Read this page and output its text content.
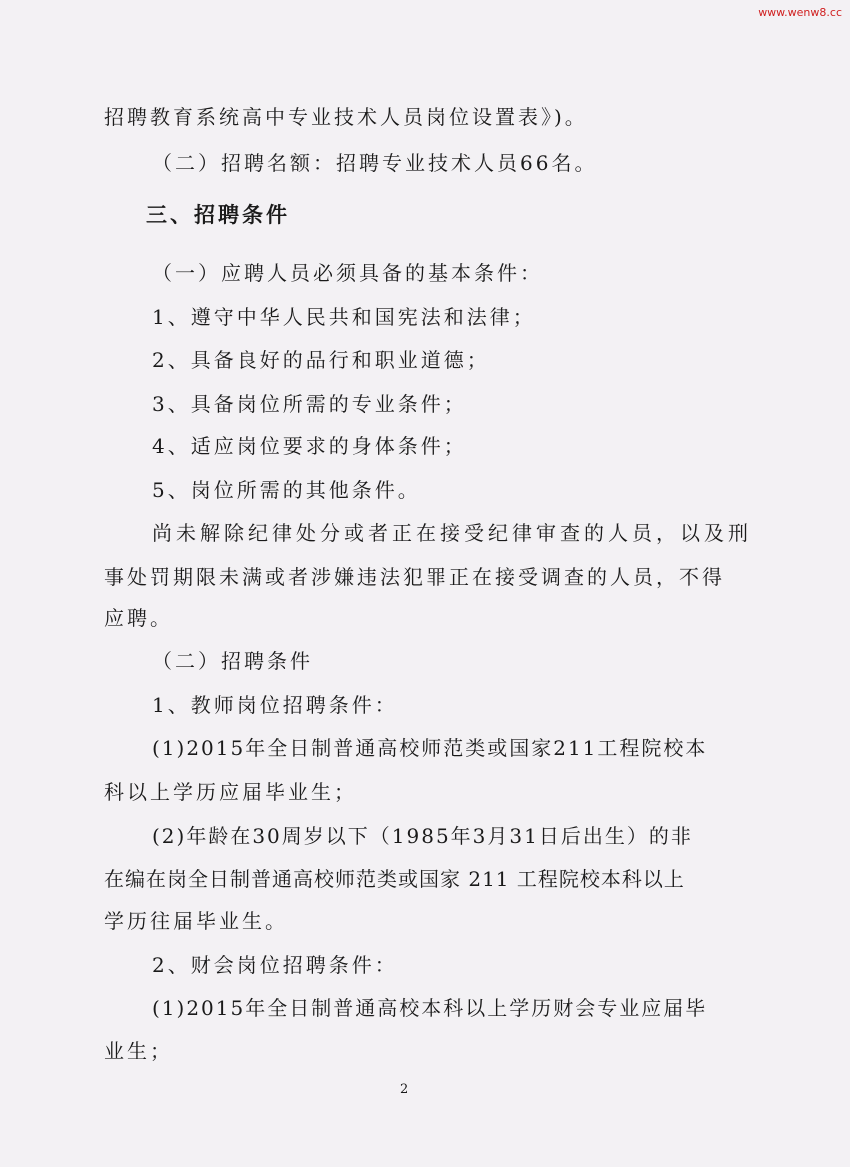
www.wenw8.cc
招聘教育系统高中专业技术人员岗位设置表》)。
（二）招聘名额：招聘专业技术人员66名。
三、招聘条件
（一）应聘人员必须具备的基本条件：
1、遵守中华人民共和国宪法和法律；
2、具备良好的品行和职业道德；
3、具备岗位所需的专业条件；
4、适应岗位要求的身体条件；
5、岗位所需的其他条件。
尚未解除纪律处分或者正在接受纪律审查的人员，以及刑
事处罚期限未满或者涉嫌违法犯罪正在接受调查的人员，不得
应聘。
（二）招聘条件
1、教师岗位招聘条件：
(1)2015年全日制普通高校师范类或国家211工程院校本
科以上学历应届毕业生；
(2)年龄在30周岁以下（1985年3月31日后出生）的非
在编在岗全日制普通高校师范类或国家 211 工程院校本科以上
学历往届毕业生。
2、财会岗位招聘条件：
(1)2015年全日制普通高校本科以上学历财会专业应届毕
业生；
2
